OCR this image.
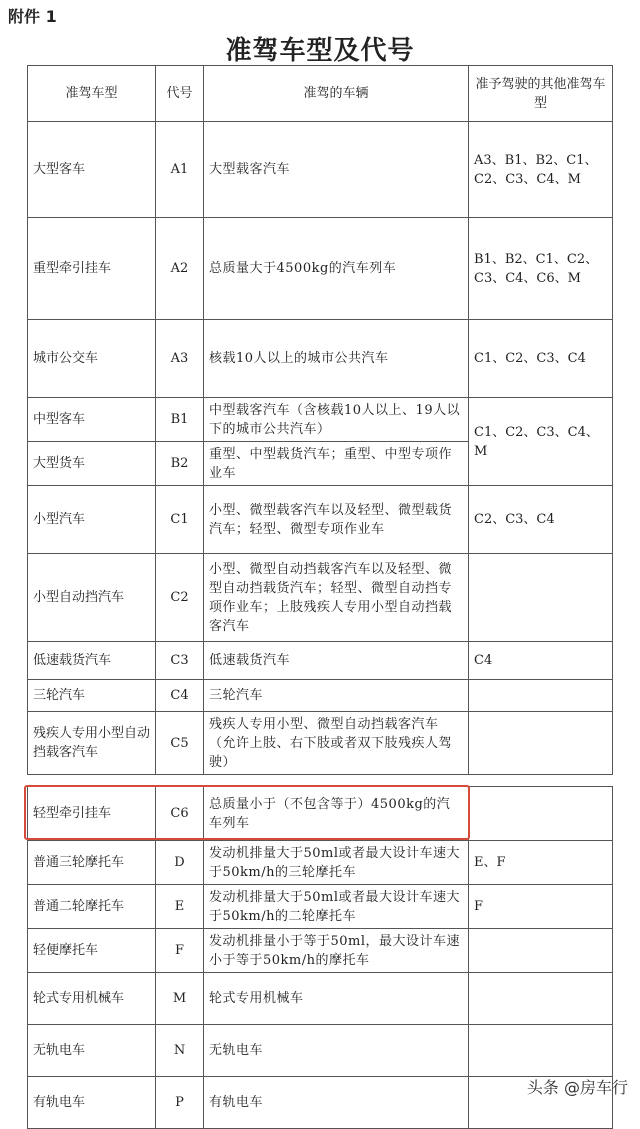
附件 1
准驾车型及代号
准驾车型	代号	准驾的车辆	准予驾驶的其他准驾车型
大型客车	A1	大型载客汽车	A3、B1、B2、C1、C2、C3、C4、M
重型牵引挂车	A2	总质量大于4500kg的汽车列车	B1、B2、C1、C2、C3、C4、C6、M
城市公交车	A3	核载10人以上的城市公共汽车	C1、C2、C3、C4
中型客车	B1	中型载客汽车（含核载10人以上、19人以下的城市公共汽车）	C1、C2、C3、C4、M
大型货车	B2	重型、中型载货汽车；重型、中型专项作业车	
小型汽车	C1	小型、微型载客汽车以及轻型、微型载货汽车；轻型、微型专项作业车	C2、C3、C4
小型自动挡汽车	C2	小型、微型自动挡载客汽车以及轻型、微型自动挡载货汽车；轻型、微型自动挡专项作业车；上肢残疾人专用小型自动挡载客汽车	
低速载货汽车	C3	低速载货汽车	C4
三轮汽车	C4	三轮汽车	
残疾人专用小型自动挡载客汽车	C5	残疾人专用小型、微型自动挡载客汽车（允许上肢、右下肢或者双下肢残疾人驾驶）	

轻型牵引挂车	C6	总质量小于（不包含等于）4500kg的汽车列车	
普通三轮摩托车	D	发动机排量大于50ml或者最大设计车速大于50km/h的三轮摩托车	E、F
普通二轮摩托车	E	发动机排量大于50ml或者最大设计车速大于50km/h的二轮摩托车	F
轻便摩托车	F	发动机排量小于等于50ml，最大设计车速小于等于50km/h的摩托车	
轮式专用机械车	M	轮式专用机械车	
无轨电车	N	无轨电车	
有轨电车	P	有轨电车	
头条 @房车行
